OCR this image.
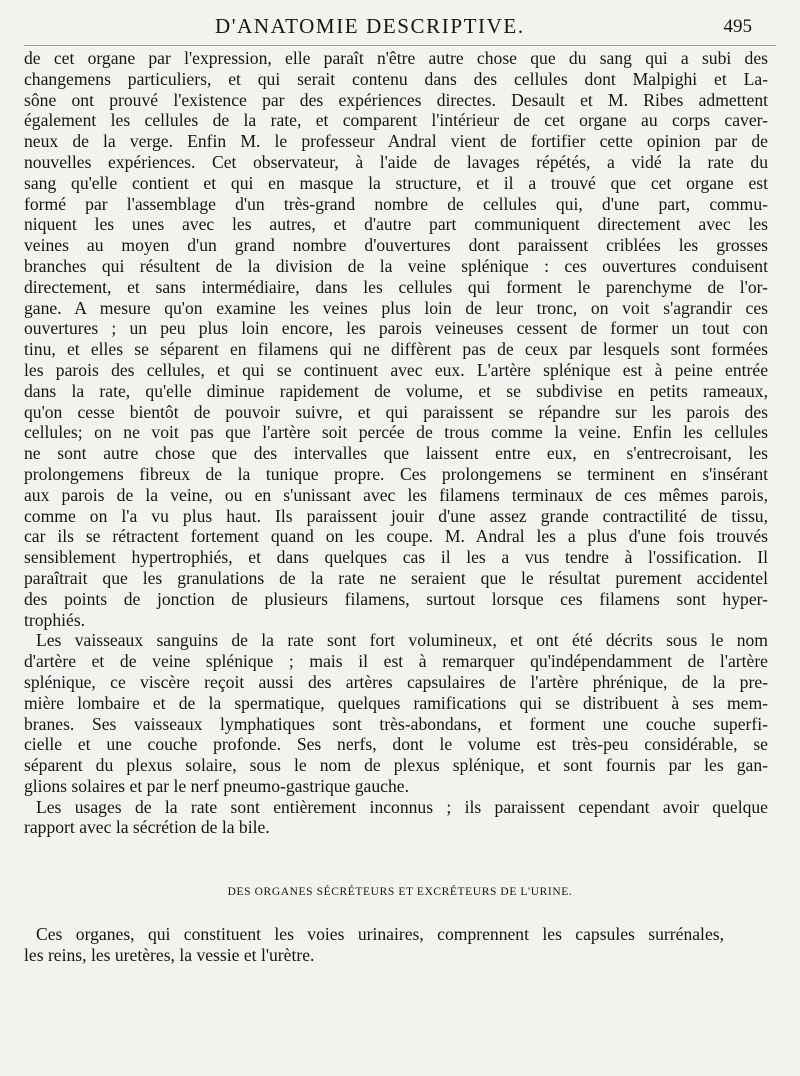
D'ANATOMIE DESCRIPTIVE.	495
de cet organe par l'expression, elle paraît n'être autre chose que du sang qui a subi des
changemens particuliers, et qui serait contenu dans des cellules dont Malpighi et La-
sône ont prouvé l'existence par des expériences directes. Desault et M. Ribes admettent
également les cellules de la rate, et comparent l'intérieur de cet organe au corps caver-
neux de la verge. Enfin M. le professeur Andral vient de fortifier cette opinion par de
nouvelles expériences. Cet observateur, à l'aide de lavages répétés, a vidé la rate du
sang qu'elle contient et qui en masque la structure, et il a trouvé que cet organe est
formé par l'assemblage d'un très-grand nombre de cellules qui, d'une part, commu-
niquent les unes avec les autres, et d'autre part communiquent directement avec les
veines au moyen d'un grand nombre d'ouvertures dont paraissent criblées les grosses
branches qui résultent de la division de la veine splénique : ces ouvertures conduisent
directement, et sans intermédiaire, dans les cellules qui forment le parenchyme de l'or-
gane. A mesure qu'on examine les veines plus loin de leur tronc, on voit s'agrandir ces
ouvertures ; un peu plus loin encore, les parois veineuses cessent de former un tout con
tinu, et elles se séparent en filamens qui ne diffèrent pas de ceux par lesquels sont formées
les parois des cellules, et qui se continuent avec eux. L'artère splénique est à peine entrée
dans la rate, qu'elle diminue rapidement de volume, et se subdivise en petits rameaux,
qu'on cesse bientôt de pouvoir suivre, et qui paraissent se répandre sur les parois des
cellules; on ne voit pas que l'artère soit percée de trous comme la veine. Enfin les cellules
ne sont autre chose que des intervalles que laissent entre eux, en s'entrecroisant, les
prolongemens fibreux de la tunique propre. Ces prolongemens se terminent en s'insérant
aux parois de la veine, ou en s'unissant avec les filamens terminaux de ces mêmes parois,
comme on l'a vu plus haut. Ils paraissent jouir d'une assez grande contractilité de tissu,
car ils se rétractent fortement quand on les coupe. M. Andral les a plus d'une fois trouvés
sensiblement hypertrophiés, et dans quelques cas il les a vus tendre à l'ossification. Il
paraîtrait que les granulations de la rate ne seraient que le résultat purement accidentel
des points de jonction de plusieurs filamens, surtout lorsque ces filamens sont hyper-
trophiés.
Les vaisseaux sanguins de la rate sont fort volumineux, et ont été décrits sous le nom
d'artère et de veine splénique ; mais il est à remarquer qu'indépendamment de l'artère
splénique, ce viscère reçoit aussi des artères capsulaires de l'artère phrénique, de la pre-
mière lombaire et de la spermatique, quelques ramifications qui se distribuent à ses mem-
branes. Ses vaisseaux lymphatiques sont très-abondans, et forment une couche superfi-
cielle et une couche profonde. Ses nerfs, dont le volume est très-peu considérable, se
séparent du plexus solaire, sous le nom de plexus splénique, et sont fournis par les gan-
glions solaires et par le nerf pneumo-gastrique gauche.
Les usages de la rate sont entièrement inconnus ; ils paraissent cependant avoir quelque
rapport avec la sécrétion de la bile.
DES ORGANES SÉCRÉTEURS ET EXCRÉTEURS DE L'URINE.
Ces organes, qui constituent les voies urinaires, comprennent les capsules surrénales,
les reins, les uretères, la vessie et l'urètre.
